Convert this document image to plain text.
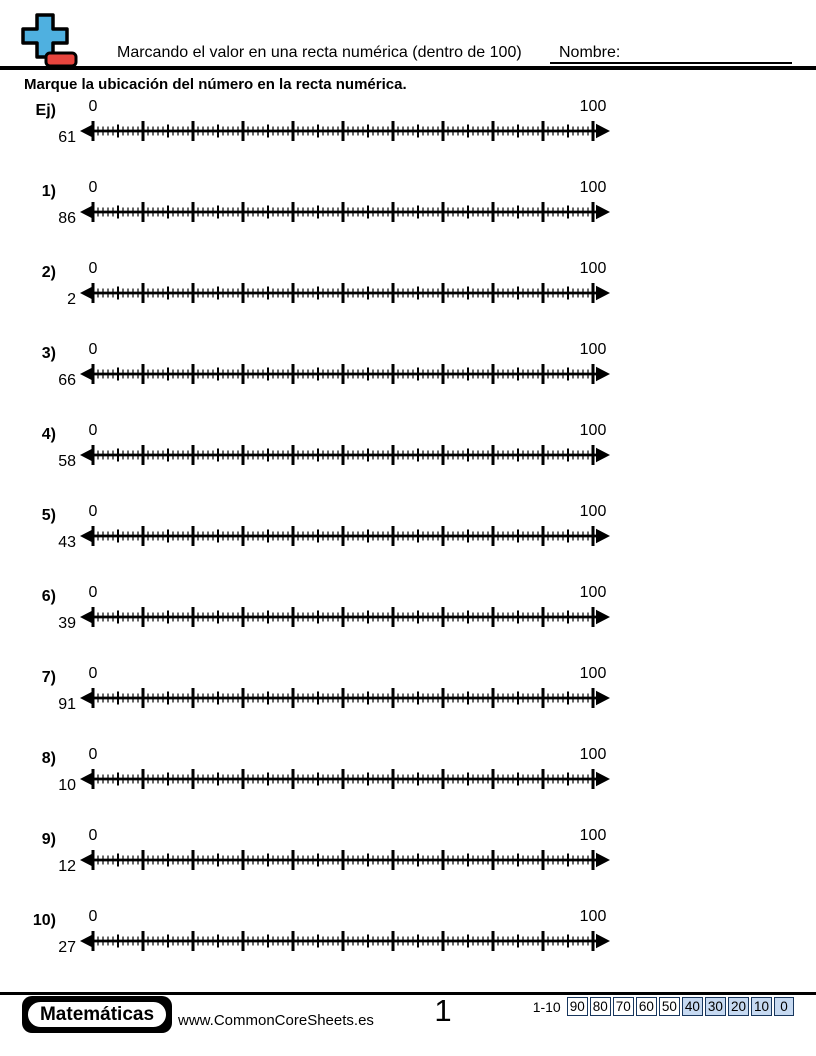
Marcando el valor en una recta numérica (dentro de 100) Nombre:
Marque la ubicación del número en la recta numérica.
Ej)
61
0	100
1)
86
0	100
2)
2
0	100
3)
66
0	100
4)
58
0	100
5)
43
0	100
6)
39
0	100
7)
91
0	100
8)
10
0	100
9)
12
0	100
10)
27
0	100
Matemáticas	www.CommonCoreSheets.es	1	1-10 90 80 70 60 50 40 30 20 10 0
